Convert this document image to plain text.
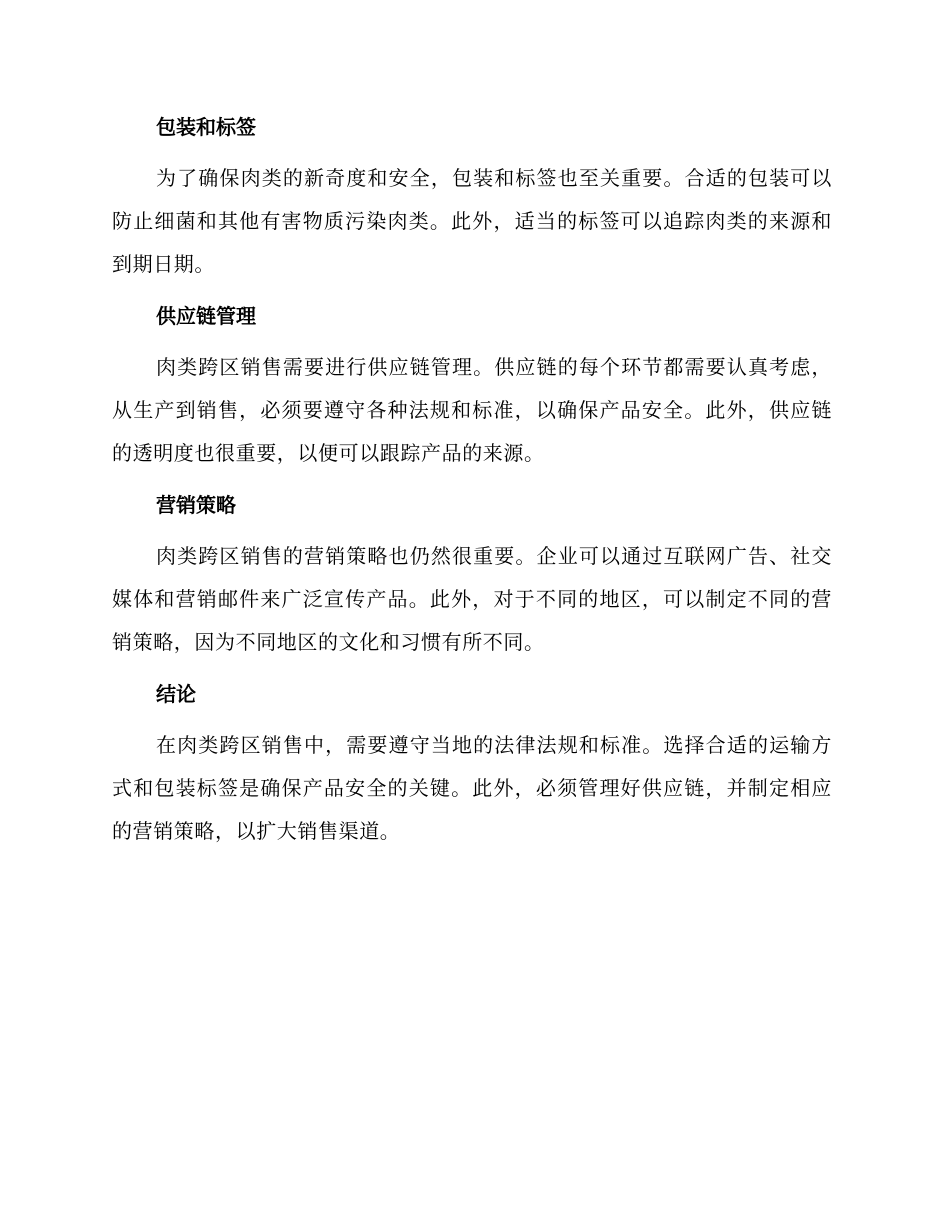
包装和标签

为了确保肉类的新奇度和安全，包装和标签也至关重要。合适的包装可以防止细菌和其他有害物质污染肉类。此外，适当的标签可以追踪肉类的来源和到期日期。

供应链管理

肉类跨区销售需要进行供应链管理。供应链的每个环节都需要认真考虑，从生产到销售，必须要遵守各种法规和标准，以确保产品安全。此外，供应链的透明度也很重要，以便可以跟踪产品的来源。

营销策略

肉类跨区销售的营销策略也仍然很重要。企业可以通过互联网广告、社交媒体和营销邮件来广泛宣传产品。此外，对于不同的地区，可以制定不同的营销策略，因为不同地区的文化和习惯有所不同。

结论

在肉类跨区销售中，需要遵守当地的法律法规和标准。选择合适的运输方式和包装标签是确保产品安全的关键。此外，必须管理好供应链，并制定相应的营销策略，以扩大销售渠道。
